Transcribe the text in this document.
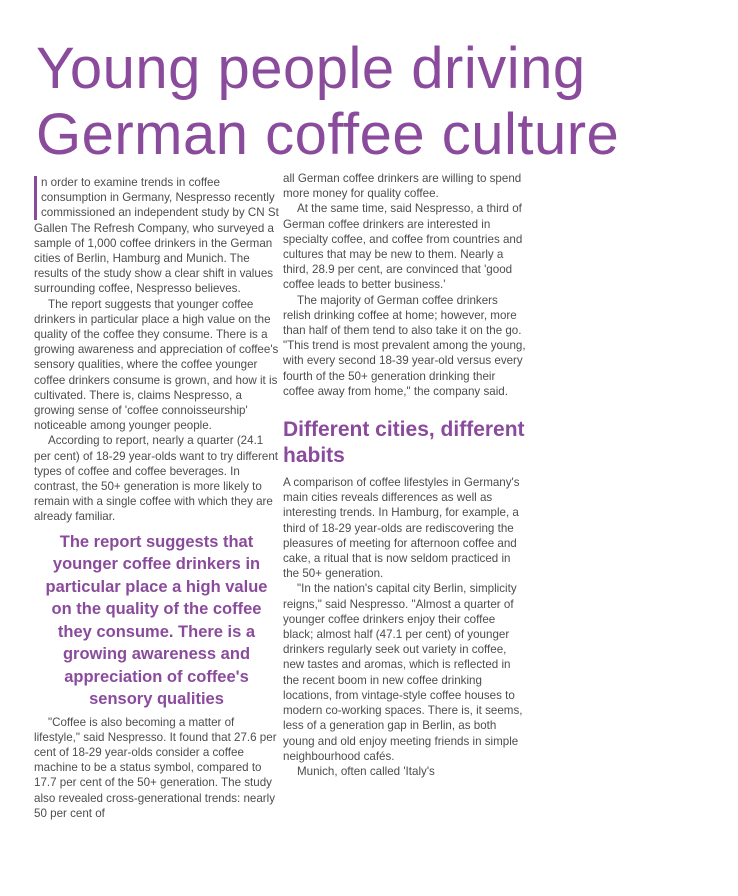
Young people driving
German coffee culture

n order to examine trends in coffee consumption in Germany, Nespresso recently commissioned an independent study by CN St Gallen The Refresh Company, who surveyed a sample of 1,000 coffee drinkers in the German cities of Berlin, Hamburg and Munich. The results of the study show a clear shift in values surrounding coffee, Nespresso believes.

The report suggests that younger coffee drinkers in particular place a high value on the quality of the coffee they consume. There is a growing awareness and appreciation of coffee's sensory qualities, where the coffee younger coffee drinkers consume is grown, and how it is cultivated. There is, claims Nespresso, a growing sense of 'coffee connoisseurship' noticeable among younger people.

According to report, nearly a quarter (24.1 per cent) of 18-29 year-olds want to try different types of coffee and coffee beverages. In contrast, the 50+ generation is more likely to remain with a single coffee with which they are already familiar.

The report suggests that younger coffee drinkers in particular place a high value on the quality of the coffee they consume. There is a growing awareness and appreciation of coffee's sensory qualities

"Coffee is also becoming a matter of lifestyle," said Nespresso. It found that 27.6 per cent of 18-29 year-olds consider a coffee machine to be a status symbol, compared to 17.7 per cent of the 50+ generation. The study also revealed cross-generational trends: nearly 50 per cent of

all German coffee drinkers are willing to spend more money for quality coffee.

At the same time, said Nespresso, a third of German coffee drinkers are interested in specialty coffee, and coffee from countries and cultures that may be new to them. Nearly a third, 28.9 per cent, are convinced that 'good coffee leads to better business.'

The majority of German coffee drinkers relish drinking coffee at home; however, more than half of them tend to also take it on the go. "This trend is most prevalent among the young, with every second 18-39 year-old versus every fourth of the 50+ generation drinking their coffee away from home," the company said.

Different cities, different habits

A comparison of coffee lifestyles in Germany's main cities reveals differences as well as interesting trends. In Hamburg, for example, a third of 18-29 year-olds are rediscovering the pleasures of meeting for afternoon coffee and cake, a ritual that is now seldom practiced in the 50+ generation.

"In the nation's capital city Berlin, simplicity reigns," said Nespresso. "Almost a quarter of younger coffee drinkers enjoy their coffee black; almost half (47.1 per cent) of younger drinkers regularly seek out variety in coffee, new tastes and aromas, which is reflected in the recent boom in new coffee drinking locations, from vintage-style coffee houses to modern co-working spaces. There is, it seems, less of a generation gap in Berlin, as both young and old enjoy meeting friends in simple neighbourhood cafés.

Munich, often called 'Italy's
